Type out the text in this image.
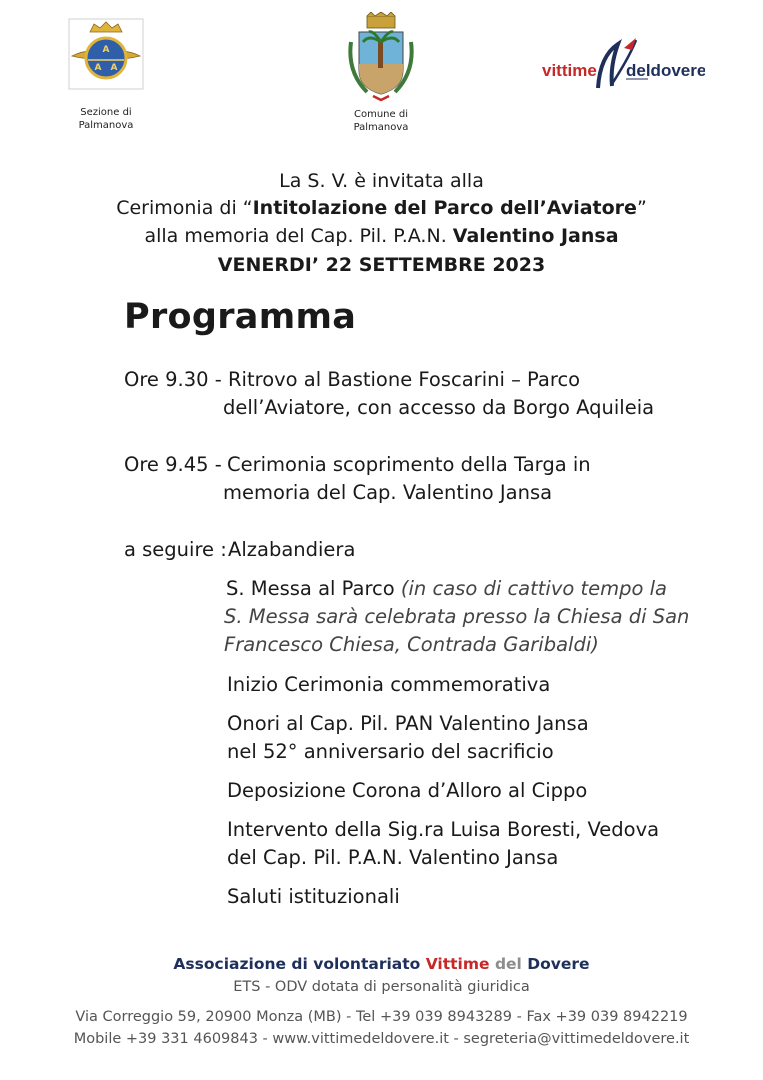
A
A A
Sezione di
Palmanova
Comune di
Palmanova
vittime deldovere
La S. V. è invitata alla
Cerimonia di “Intitolazione del Parco dell’Aviatore”
alla memoria del Cap. Pil. P.A.N. Valentino Jansa
VENERDI’ 22 SETTEMBRE 2023
Programma
Ore 9.30 - Ritrovo al Bastione Foscarini – Parco
dell’Aviatore, con accesso da Borgo Aquileia
Ore 9.45 - Cerimonia scoprimento della Targa in
memoria del Cap. Valentino Jansa
a seguire : Alzabandiera
S. Messa al Parco (in caso di cattivo tempo la
S. Messa sarà celebrata presso la Chiesa di San
Francesco Chiesa, Contrada Garibaldi)
Inizio Cerimonia commemorativa
Onori al Cap. Pil. PAN Valentino Jansa
nel 52° anniversario del sacrificio
Deposizione Corona d’Alloro al Cippo
Intervento della Sig.ra Luisa Boresti, Vedova
del Cap. Pil. P.A.N. Valentino Jansa
Saluti istituzionali
Associazione di volontariato Vittime del Dovere
ETS - ODV dotata di personalità giuridica
Via Correggio 59, 20900 Monza (MB) - Tel +39 039 8943289 - Fax +39 039 8942219
Mobile +39 331 4609843 - www.vittimedeldovere.it - segreteria@vittimedeldovere.it
